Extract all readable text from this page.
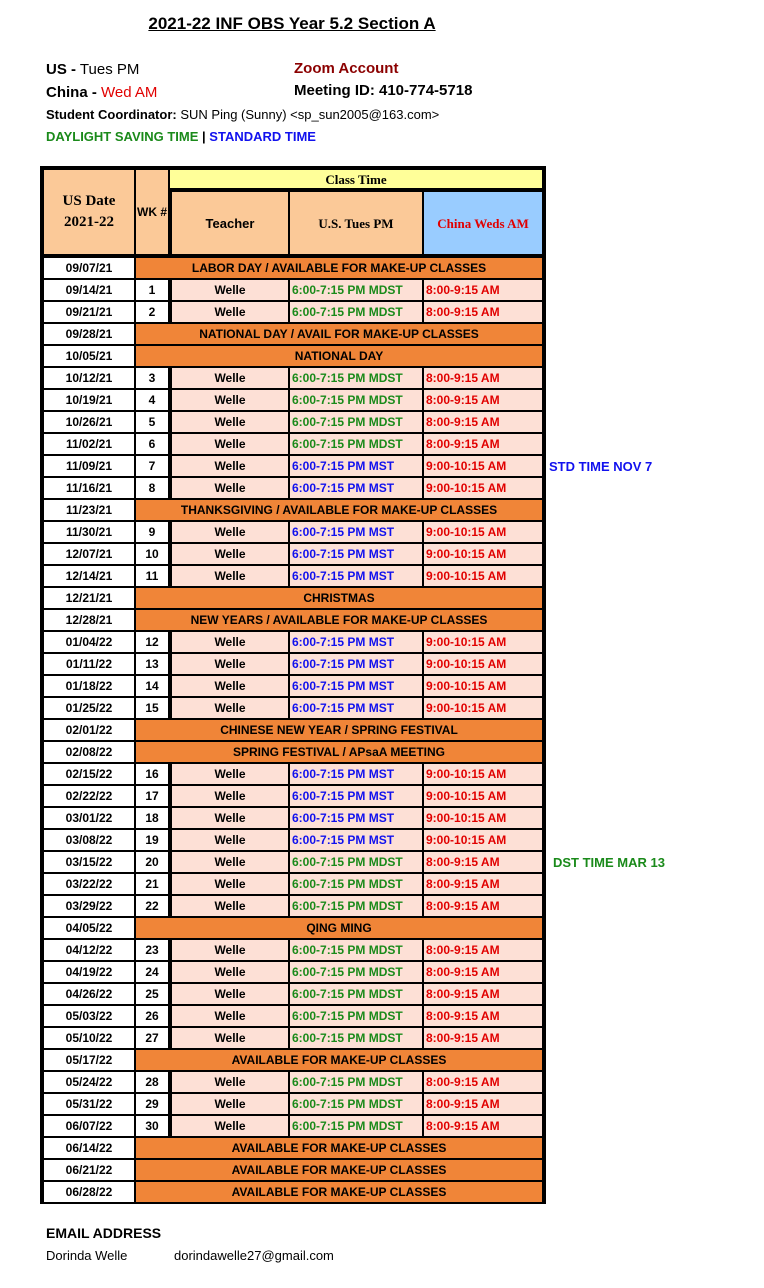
2021-22 INF OBS Year 5.2 Section A
US - Tues PM
China - Wed AM
Zoom Account
Meeting ID: 410-774-5718
Student Coordinator: SUN Ping (Sunny) <sp_sun2005@163.com>
DAYLIGHT SAVING TIME | STANDARD TIME
US Date
2021-22
WK #
Class Time
Teacher	U.S. Tues PM	China Weds AM
09/07/21	LABOR DAY / AVAILABLE FOR MAKE-UP CLASSES
09/14/21	1	Welle	6:00-7:15 PM MDST	8:00-9:15 AM
09/21/21	2	Welle	6:00-7:15 PM MDST	8:00-9:15 AM
09/28/21	NATIONAL DAY / AVAIL FOR MAKE-UP CLASSES
10/05/21	NATIONAL DAY
10/12/21	3	Welle	6:00-7:15 PM MDST	8:00-9:15 AM
10/19/21	4	Welle	6:00-7:15 PM MDST	8:00-9:15 AM
10/26/21	5	Welle	6:00-7:15 PM MDST	8:00-9:15 AM
11/02/21	6	Welle	6:00-7:15 PM MDST	8:00-9:15 AM
11/09/21	7	Welle	6:00-7:15 PM MST	9:00-10:15 AM
11/16/21	8	Welle	6:00-7:15 PM MST	9:00-10:15 AM
11/23/21	THANKSGIVING / AVAILABLE FOR MAKE-UP CLASSES
11/30/21	9	Welle	6:00-7:15 PM MST	9:00-10:15 AM
12/07/21	10	Welle	6:00-7:15 PM MST	9:00-10:15 AM
12/14/21	11	Welle	6:00-7:15 PM MST	9:00-10:15 AM
12/21/21	CHRISTMAS
12/28/21	NEW YEARS / AVAILABLE FOR MAKE-UP CLASSES
01/04/22	12	Welle	6:00-7:15 PM MST	9:00-10:15 AM
01/11/22	13	Welle	6:00-7:15 PM MST	9:00-10:15 AM
01/18/22	14	Welle	6:00-7:15 PM MST	9:00-10:15 AM
01/25/22	15	Welle	6:00-7:15 PM MST	9:00-10:15 AM
02/01/22	CHINESE NEW YEAR / SPRING FESTIVAL
02/08/22	SPRING FESTIVAL / APsaA MEETING
02/15/22	16	Welle	6:00-7:15 PM MST	9:00-10:15 AM
02/22/22	17	Welle	6:00-7:15 PM MST	9:00-10:15 AM
03/01/22	18	Welle	6:00-7:15 PM MST	9:00-10:15 AM
03/08/22	19	Welle	6:00-7:15 PM MST	9:00-10:15 AM
03/15/22	20	Welle	6:00-7:15 PM MDST	8:00-9:15 AM
03/22/22	21	Welle	6:00-7:15 PM MDST	8:00-9:15 AM
03/29/22	22	Welle	6:00-7:15 PM MDST	8:00-9:15 AM
04/05/22	QING MING
04/12/22	23	Welle	6:00-7:15 PM MDST	8:00-9:15 AM
04/19/22	24	Welle	6:00-7:15 PM MDST	8:00-9:15 AM
04/26/22	25	Welle	6:00-7:15 PM MDST	8:00-9:15 AM
05/03/22	26	Welle	6:00-7:15 PM MDST	8:00-9:15 AM
05/10/22	27	Welle	6:00-7:15 PM MDST	8:00-9:15 AM
05/17/22	AVAILABLE FOR MAKE-UP CLASSES
05/24/22	28	Welle	6:00-7:15 PM MDST	8:00-9:15 AM
05/31/22	29	Welle	6:00-7:15 PM MDST	8:00-9:15 AM
06/07/22	30	Welle	6:00-7:15 PM MDST	8:00-9:15 AM
06/14/22	AVAILABLE FOR MAKE-UP CLASSES
06/21/22	AVAILABLE FOR MAKE-UP CLASSES
06/28/22	AVAILABLE FOR MAKE-UP CLASSES
STD TIME NOV 7
DST TIME MAR 13
EMAIL ADDRESS
Dorinda Welle	dorindawelle27@gmail.com
